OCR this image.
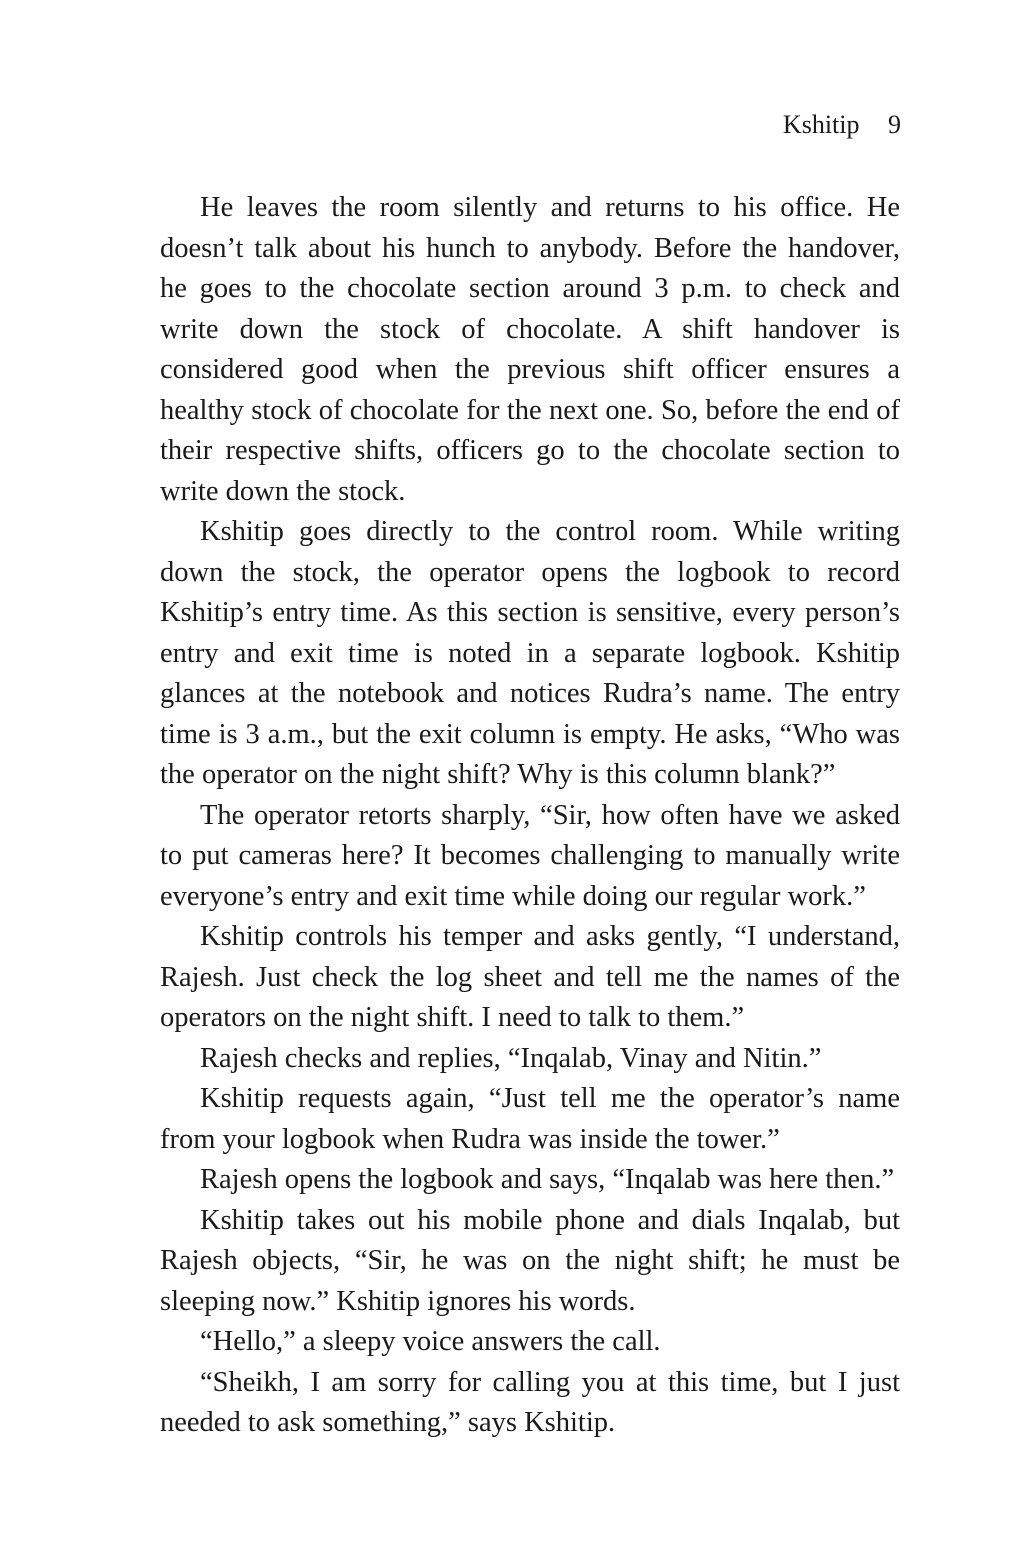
Kshitip 9

He leaves the room silently and returns to his office. He doesn’t talk about his hunch to anybody. Before the handover, he goes to the chocolate section around 3 p.m. to check and write down the stock of chocolate. A shift handover is considered good when the previous shift officer ensures a healthy stock of chocolate for the next one. So, before the end of their respective shifts, officers go to the chocolate section to write down the stock.

Kshitip goes directly to the control room. While writing down the stock, the operator opens the logbook to record Kshitip’s entry time. As this section is sensitive, every person’s entry and exit time is noted in a separate logbook. Kshitip glances at the notebook and notices Rudra’s name. The entry time is 3 a.m., but the exit column is empty. He asks, “Who was the operator on the night shift? Why is this column blank?”

The operator retorts sharply, “Sir, how often have we asked to put cameras here? It becomes challenging to manually write everyone’s entry and exit time while doing our regular work.”

Kshitip controls his temper and asks gently, “I understand, Rajesh. Just check the log sheet and tell me the names of the operators on the night shift. I need to talk to them.”

Rajesh checks and replies, “Inqalab, Vinay and Nitin.”

Kshitip requests again, “Just tell me the operator’s name from your logbook when Rudra was inside the tower.”

Rajesh opens the logbook and says, “Inqalab was here then.”

Kshitip takes out his mobile phone and dials Inqalab, but Rajesh objects, “Sir, he was on the night shift; he must be sleeping now.” Kshitip ignores his words.

“Hello,” a sleepy voice answers the call.

“Sheikh, I am sorry for calling you at this time, but I just needed to ask something,” says Kshitip.
